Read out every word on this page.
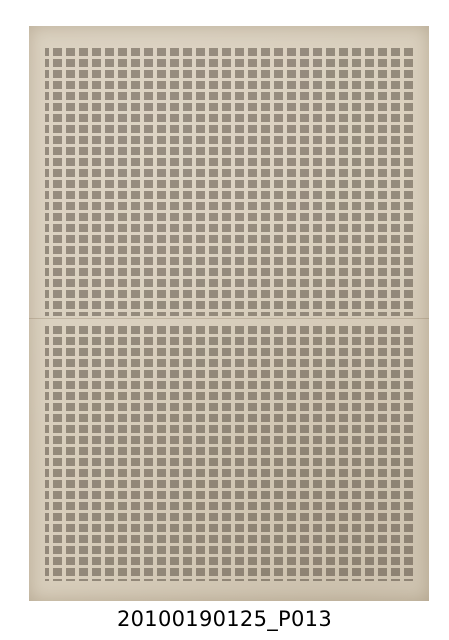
20100190125_P013
